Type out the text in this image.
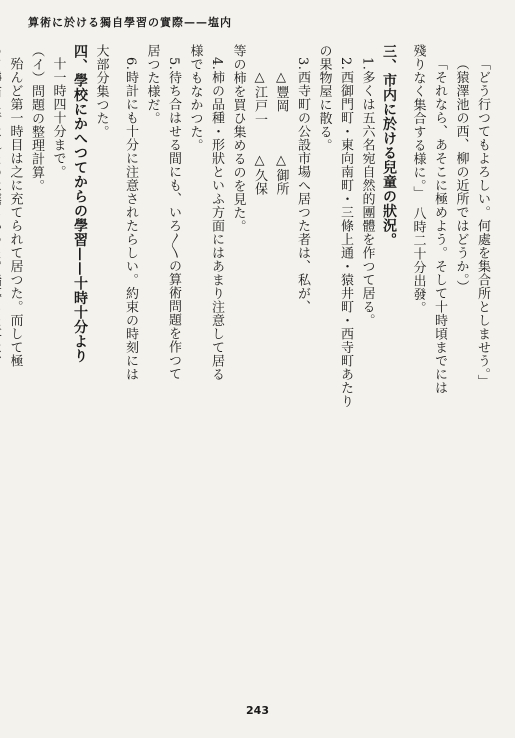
算術に於ける獨自學習の實際——塩内
「どう行つてもよろしい。何處を集合所としませう。」
（猿澤池の西、柳の近所ではどうか。）
「それなら、あそこに極めよう。そして十時頃までには
殘りなく集合する様に。」　八時二十分出發。
三、市内に於ける兒童の狀況。
1.多くは五六名宛自然的團體を作つて居る。
2.西御門町・東向南町・三條上通・猿井町・西寺町あたり
の果物屋に散る。
3.西寺町の公設市場へ居つた者は、私が、
△豐岡　　　△御所
△江戸一　　△久保
等の柿を買ひ集めるのを見た。
4.柿の品種・形狀といふ方面にはあまり注意して居る
様でもなかつた。
5.待ち合はせる間にも、いろ〳〵の算術問題を作つて
居つた様だ。
6.時計にも十分に注意されたらしい。約束の時刻には
大部分集つた。
四、學校にかへつてからの學習——十時十分より
十一時四十分まで。
（イ）問題の整理計算。
殆んど第一時目は之に充てられて居つた。而して極
243
